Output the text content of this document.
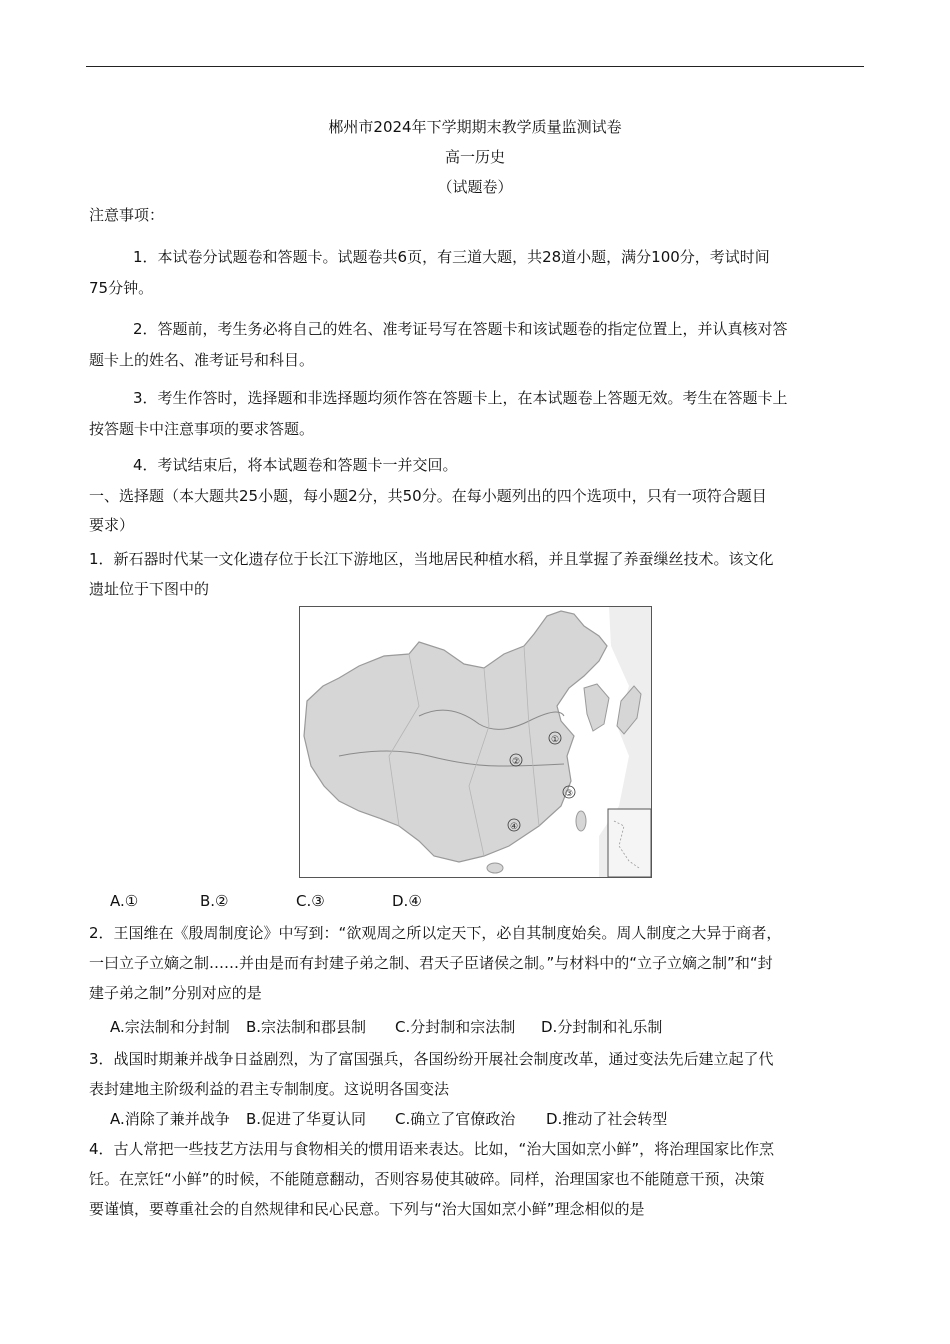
郴州市2024年下学期期末教学质量监测试卷
高一历史
（试题卷）
注意事项：
1．本试卷分试题卷和答题卡。试题卷共6页，有三道大题，共28道小题，满分100分，考试时间
75分钟。
2．答题前，考生务必将自己的姓名、准考证号写在答题卡和该试题卷的指定位置上，并认真核对答
题卡上的姓名、准考证号和科目。
3．考生作答时，选择题和非选择题均须作答在答题卡上，在本试题卷上答题无效。考生在答题卡上
按答题卡中注意事项的要求答题。
4．考试结束后，将本试题卷和答题卡一并交回。
一、选择题（本大题共25小题，每小题2分，共50分。在每小题列出的四个选项中，只有一项符合题目
要求）
1．新石器时代某一文化遗存位于长江下游地区，当地居民种植水稻，并且掌握了养蚕缫丝技术。该文化
遗址位于下图中的
①
②
③
④
A.①	B.②	C.③	D.④
2．王国维在《殷周制度论》中写到：“欲观周之所以定天下，必自其制度始矣。周人制度之大异于商者，
一曰立子立嫡之制……并由是而有封建子弟之制、君天子臣诸侯之制。”与材料中的“立子立嫡之制”和“封
建子弟之制”分别对应的是
A.宗法制和分封制 B.宗法制和郡县制 C.分封制和宗法制 D.分封制和礼乐制
3．战国时期兼并战争日益剧烈，为了富国强兵，各国纷纷开展社会制度改革，通过变法先后建立起了代
表封建地主阶级利益的君主专制制度。这说明各国变法
A.消除了兼并战争 B.促进了华夏认同 C.确立了官僚政治 D.推动了社会转型
4．古人常把一些技艺方法用与食物相关的惯用语来表达。比如，“治大国如烹小鲜”，将治理国家比作烹
饪。在烹饪“小鲜”的时候，不能随意翻动，否则容易使其破碎。同样，治理国家也不能随意干预，决策
要谨慎，要尊重社会的自然规律和民心民意。下列与“治大国如烹小鲜”理念相似的是
